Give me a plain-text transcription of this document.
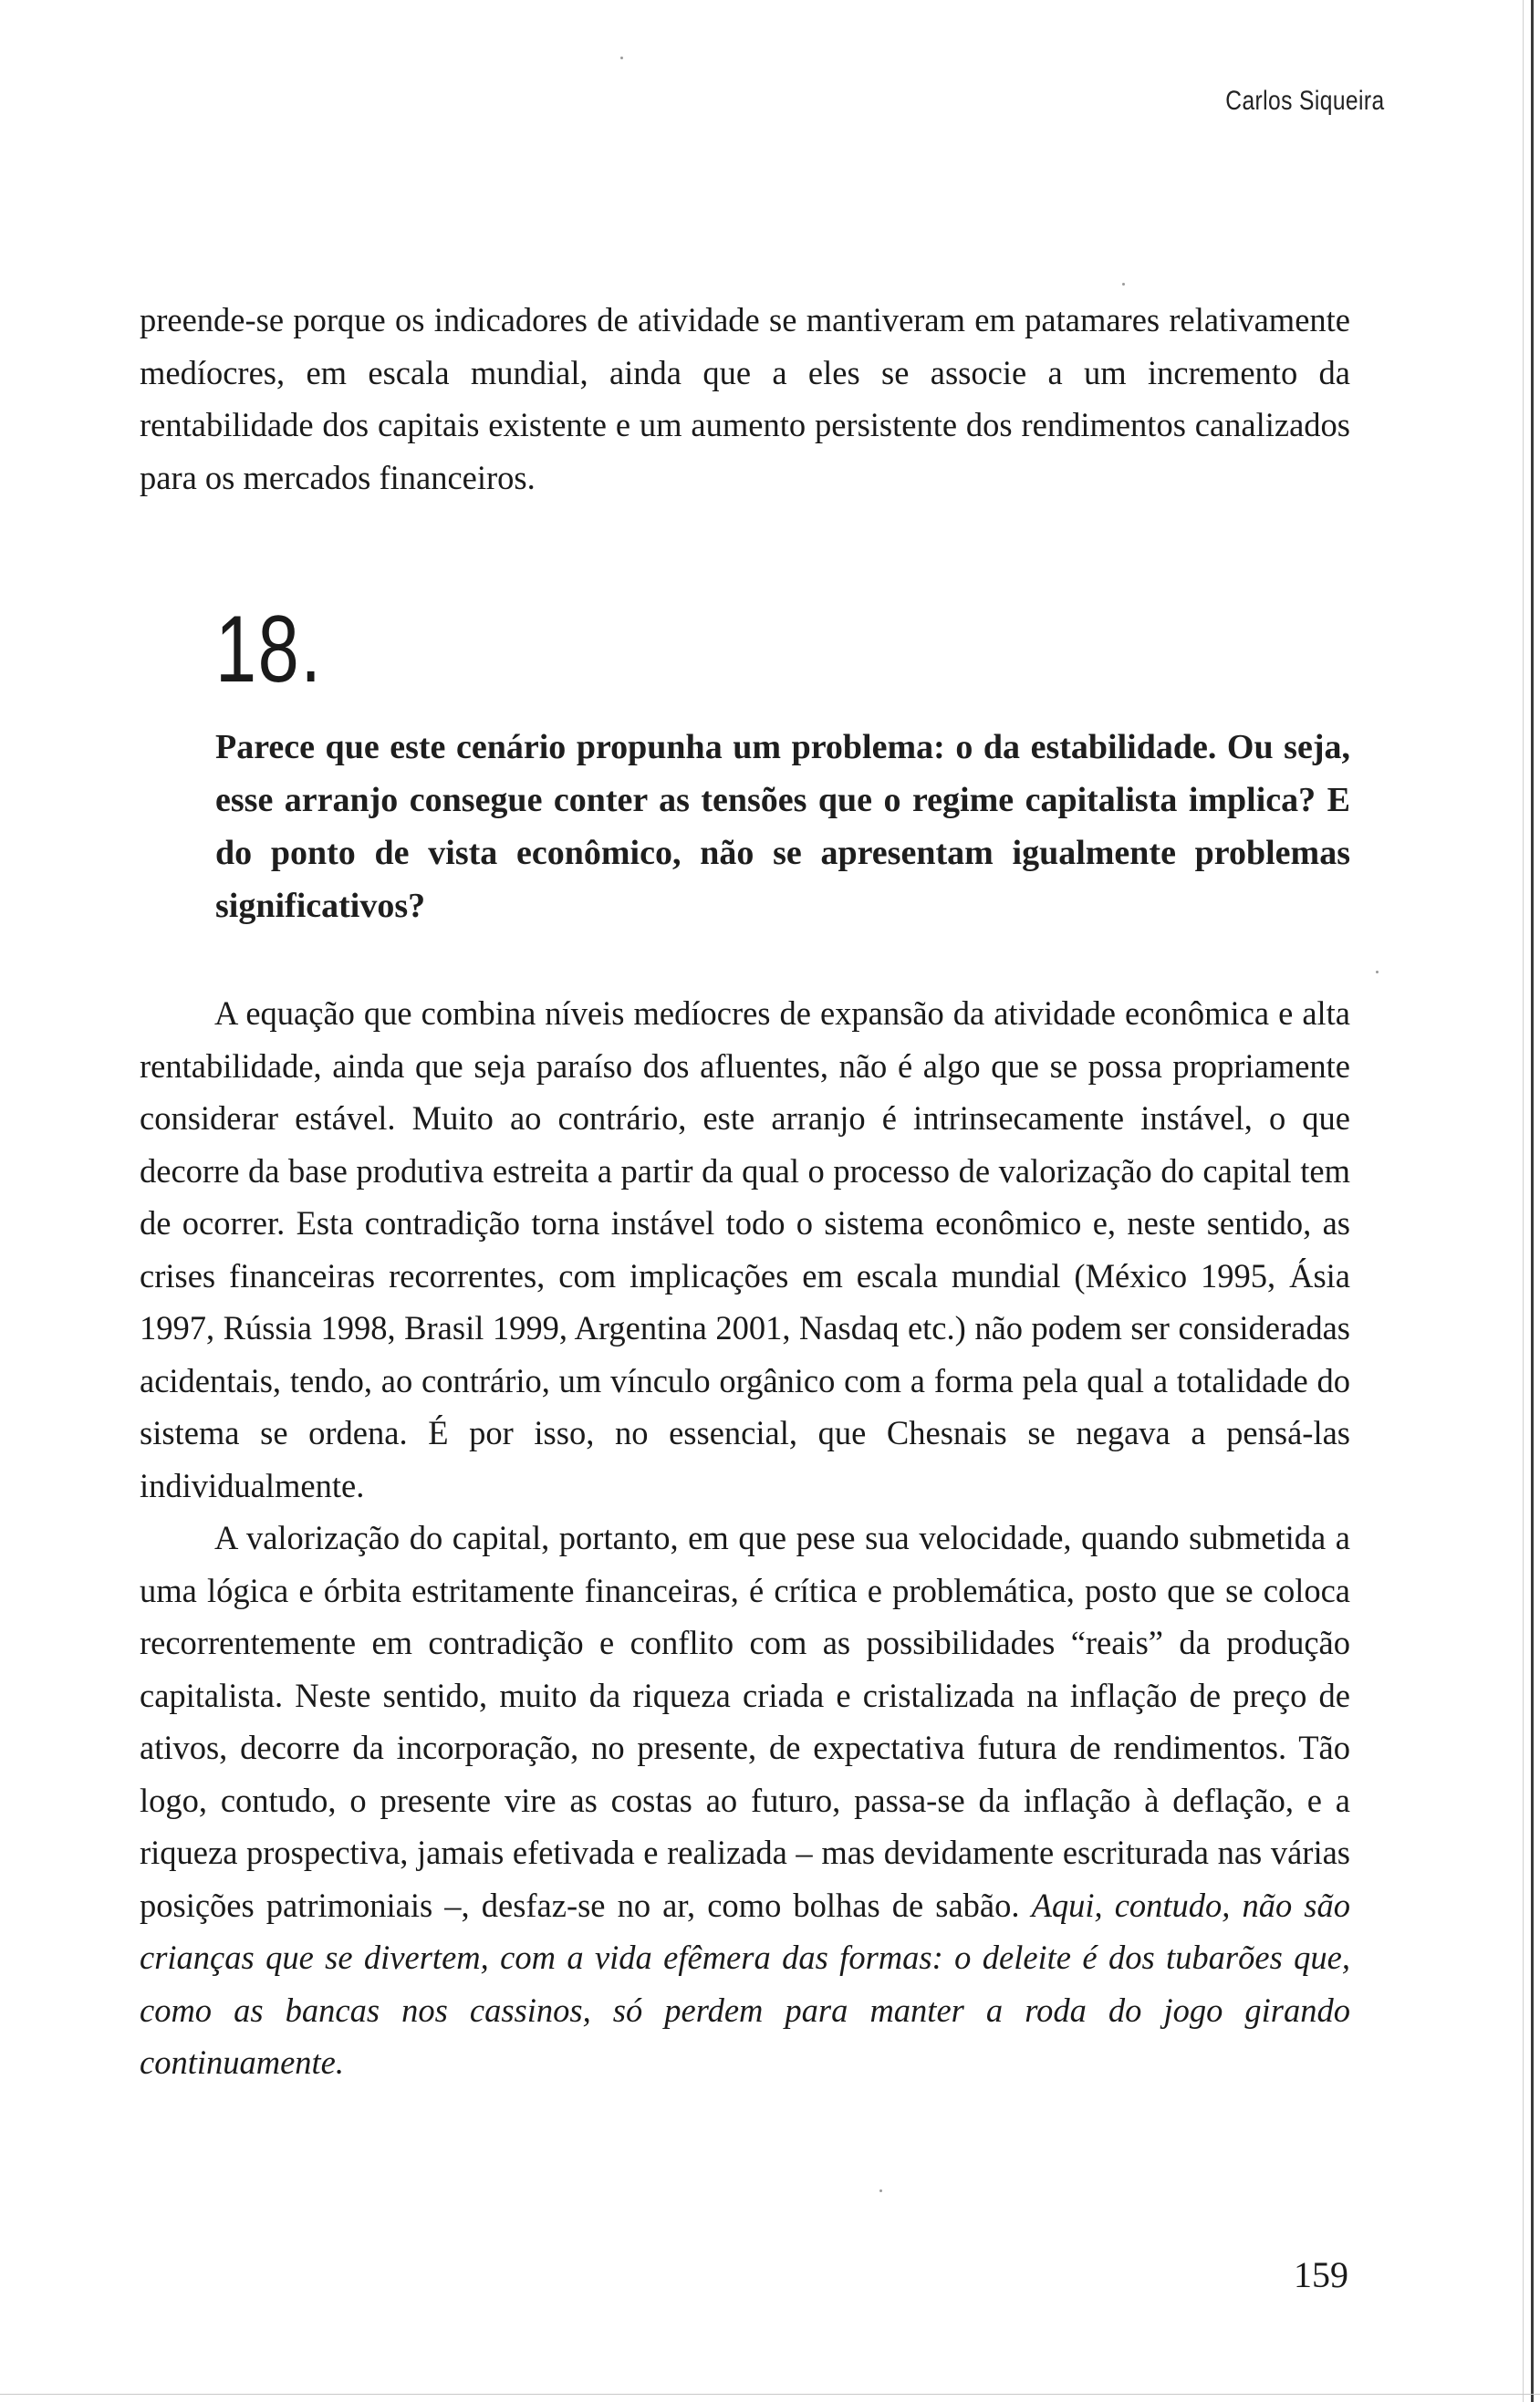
Carlos Siqueira

preende-se porque os indicadores de atividade se mantiveram em patamares relativamente medíocres, em escala mundial, ainda que a eles se associe a um incremento da rentabilidade dos capitais existente e um aumento persistente dos rendimentos canalizados para os mercados financeiros.

18.

Parece que este cenário propunha um problema: o da estabilidade. Ou seja, esse arranjo consegue conter as tensões que o regime capitalista implica? E do ponto de vista econômico, não se apresentam igualmente problemas significativos?

A equação que combina níveis medíocres de expansão da atividade econômica e alta rentabilidade, ainda que seja paraíso dos afluentes, não é algo que se possa propriamente considerar estável. Muito ao contrário, este arranjo é intrinsecamente instável, o que decorre da base produtiva estreita a partir da qual o processo de valorização do capital tem de ocorrer. Esta contradição torna instável todo o sistema econômico e, neste sentido, as crises financeiras recorrentes, com implicações em escala mundial (México 1995, Ásia 1997, Rússia 1998, Brasil 1999, Argentina 2001, Nasdaq etc.) não podem ser consideradas acidentais, tendo, ao contrário, um vínculo orgânico com a forma pela qual a totalidade do sistema se ordena. É por isso, no essencial, que Chesnais se negava a pensá-las individualmente.

A valorização do capital, portanto, em que pese sua velocidade, quando submetida a uma lógica e órbita estritamente financeiras, é crítica e problemática, posto que se coloca recorrentemente em contradição e conflito com as possibilidades “reais” da produção capitalista. Neste sentido, muito da riqueza criada e cristalizada na inflação de preço de ativos, decorre da incorporação, no presente, de expectativa futura de rendimentos. Tão logo, contudo, o presente vire as costas ao futuro, passa-se da inflação à deflação, e a riqueza prospectiva, jamais efetivada e realizada – mas devidamente escriturada nas várias posições patrimoniais –, desfaz-se no ar, como bolhas de sabão. Aqui, contudo, não são crianças que se divertem, com a vida efêmera das formas: o deleite é dos tubarões que, como as bancas nos cassinos, só perdem para manter a roda do jogo girando continuamente.

159
